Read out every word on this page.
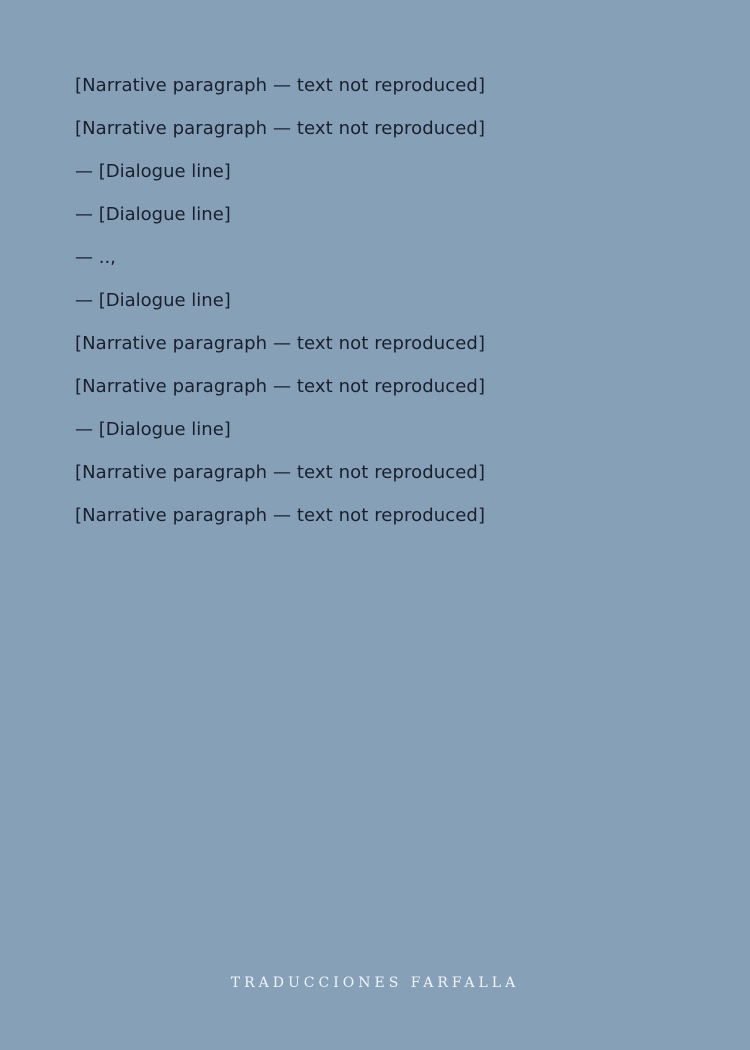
[Narrative paragraph — text not reproduced]

[Narrative paragraph — text not reproduced]

— [Dialogue line]

— [Dialogue line]

— ..,

— [Dialogue line]

[Narrative paragraph — text not reproduced]

[Narrative paragraph — text not reproduced]

— [Dialogue line]

[Narrative paragraph — text not reproduced]

[Narrative paragraph — text not reproduced]

TRADUCCIONES FARFALLA
